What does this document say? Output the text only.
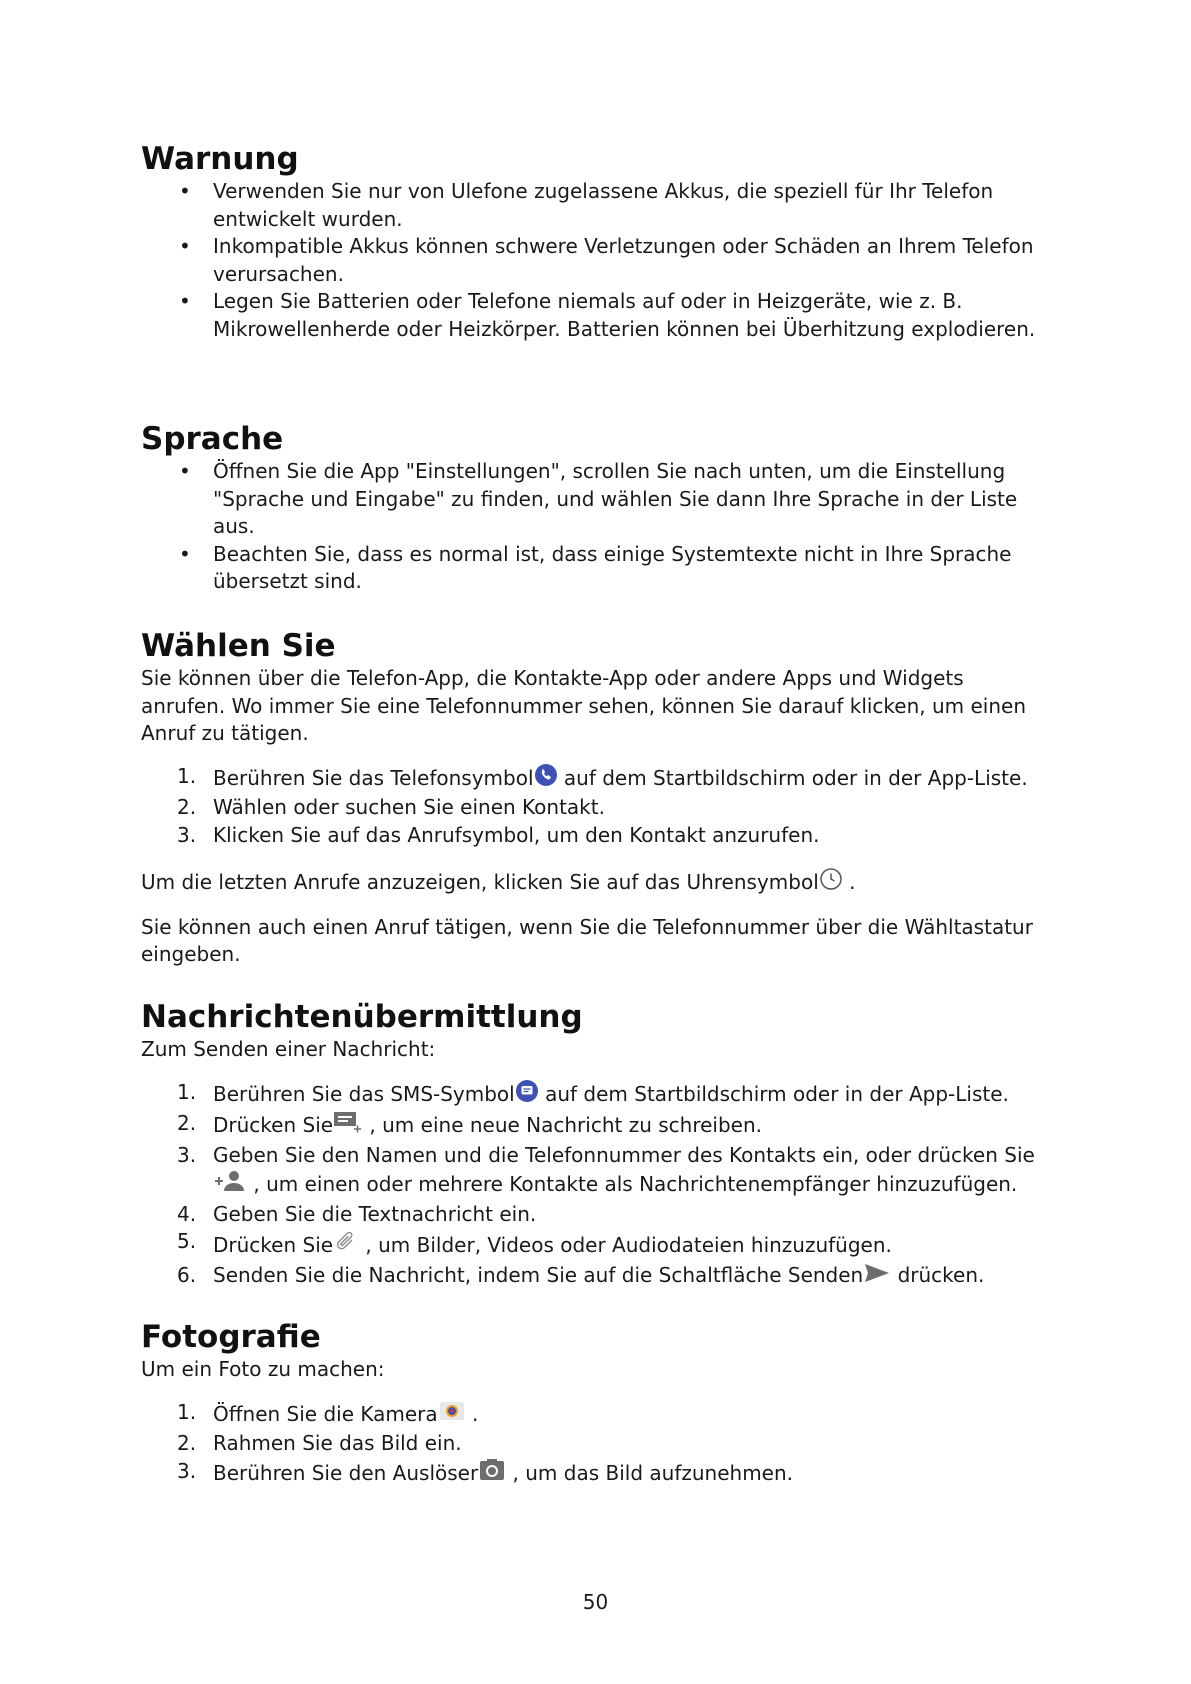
Warnung
• Verwenden Sie nur von Ulefone zugelassene Akkus, die speziell für Ihr Telefon entwickelt wurden.
• Inkompatible Akkus können schwere Verletzungen oder Schäden an Ihrem Telefon verursachen.
• Legen Sie Batterien oder Telefone niemals auf oder in Heizgeräte, wie z. B. Mikrowellenherde oder Heizkörper. Batterien können bei Überhitzung explodieren.
Sprache
• Öffnen Sie die App "Einstellungen", scrollen Sie nach unten, um die Einstellung "Sprache und Eingabe" zu finden, und wählen Sie dann Ihre Sprache in der Liste aus.
• Beachten Sie, dass es normal ist, dass einige Systemtexte nicht in Ihre Sprache übersetzt sind.
Wählen Sie

Sie können über die Telefon-App, die Kontakte-App oder andere Apps und Widgets anrufen. Wo immer Sie eine Telefonnummer sehen, können Sie darauf klicken, um einen Anruf zu tätigen.

1. Berühren Sie das Telefonsymbol auf dem Startbildschirm oder in der App-Liste.
2. Wählen oder suchen Sie einen Kontakt.
3. Klicken Sie auf das Anrufsymbol, um den Kontakt anzurufen.

Um die letzten Anrufe anzuzeigen, klicken Sie auf das Uhrensymbol .

Sie können auch einen Anruf tätigen, wenn Sie die Telefonnummer über die Wähltastatur eingeben.

Nachrichtenübermittlung

Zum Senden einer Nachricht:

1. Berühren Sie das SMS-Symbol auf dem Startbildschirm oder in der App-Liste.
2. Drücken Sie , um eine neue Nachricht zu schreiben.
3. Geben Sie den Namen und die Telefonnummer des Kontakts ein, oder drücken Sie
, um einen oder mehrere Kontakte als Nachrichtenempfänger hinzuzufügen.
4. Geben Sie die Textnachricht ein.
5. Drücken Sie , um Bilder, Videos oder Audiodateien hinzuzufügen.
6. Senden Sie die Nachricht, indem Sie auf die Schaltfläche Senden drücken.
Fotografie

Um ein Foto zu machen:

1. Öffnen Sie die Kamera .
2. Rahmen Sie das Bild ein.
3. Berühren Sie den Auslöser , um das Bild aufzunehmen.
50
